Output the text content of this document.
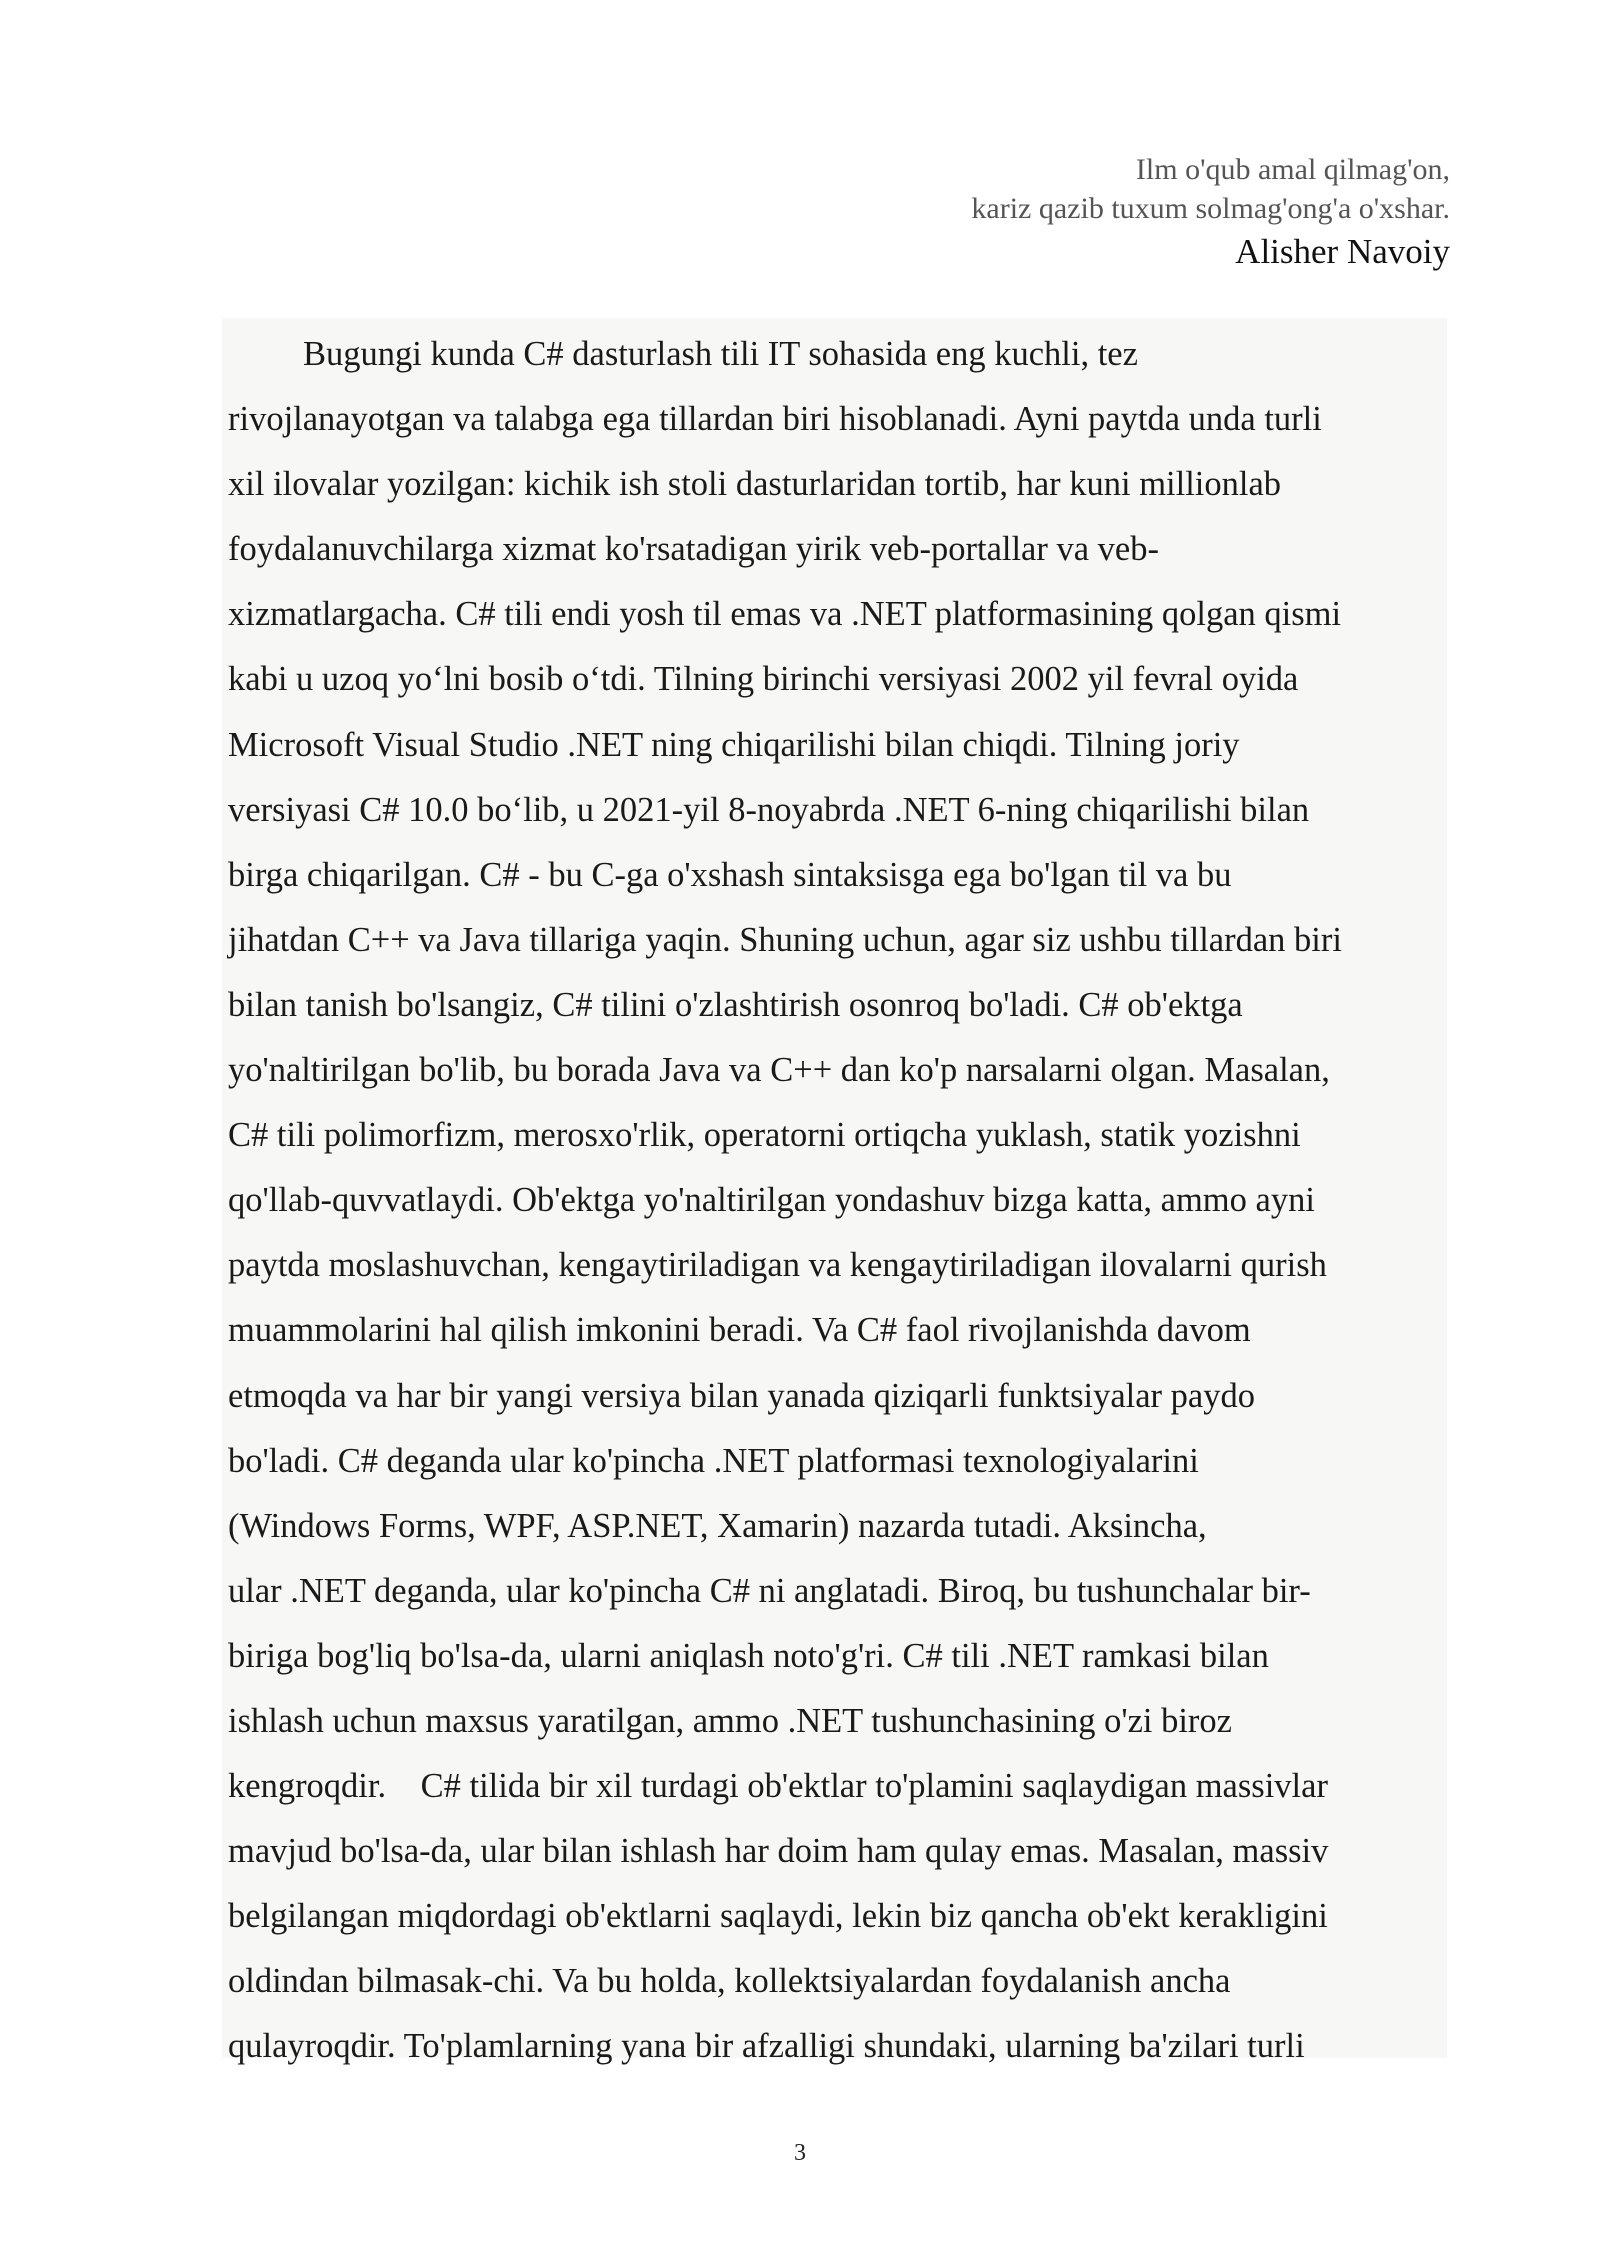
Ilm o'qub amal qilmag'on,
kariz qazib tuxum solmag'ong'a o'xshar.
Alisher Navoiy
Bugungi kunda C# dasturlash tili IT sohasida eng kuchli, tez
rivojlanayotgan va talabga ega tillardan biri hisoblanadi. Ayni paytda unda turli
xil ilovalar yozilgan: kichik ish stoli dasturlaridan tortib, har kuni millionlab
foydalanuvchilarga xizmat ko'rsatadigan yirik veb-portallar va veb-
xizmatlargacha. C# tili endi yosh til emas va .NET platformasining qolgan qismi
kabi u uzoq yo‘lni bosib o‘tdi. Tilning birinchi versiyasi 2002 yil fevral oyida
Microsoft Visual Studio .NET ning chiqarilishi bilan chiqdi. Tilning joriy
versiyasi C# 10.0 bo‘lib, u 2021-yil 8-noyabrda .NET 6-ning chiqarilishi bilan
birga chiqarilgan. C# - bu C-ga o'xshash sintaksisga ega bo'lgan til va bu
jihatdan C++ va Java tillariga yaqin. Shuning uchun, agar siz ushbu tillardan biri
bilan tanish bo'lsangiz, C# tilini o'zlashtirish osonroq bo'ladi. C# ob'ektga
yo'naltirilgan bo'lib, bu borada Java va C++ dan ko'p narsalarni olgan. Masalan,
C# tili polimorfizm, merosxo'rlik, operatorni ortiqcha yuklash, statik yozishni
qo'llab-quvvatlaydi. Ob'ektga yo'naltirilgan yondashuv bizga katta, ammo ayni
paytda moslashuvchan, kengaytiriladigan va kengaytiriladigan ilovalarni qurish
muammolarini hal qilish imkonini beradi. Va C# faol rivojlanishda davom
etmoqda va har bir yangi versiya bilan yanada qiziqarli funktsiyalar paydo
bo'ladi. C# deganda ular ko'pincha .NET platformasi texnologiyalarini
(Windows Forms, WPF, ASP.NET, Xamarin) nazarda tutadi. Aksincha,
ular .NET deganda, ular ko'pincha C# ni anglatadi. Biroq, bu tushunchalar bir-
biriga bog'liq bo'lsa-da, ularni aniqlash noto'g'ri. C# tili .NET ramkasi bilan
ishlash uchun maxsus yaratilgan, ammo .NET tushunchasining o'zi biroz
kengroqdir.    C# tilida bir xil turdagi ob'ektlar to'plamini saqlaydigan massivlar
mavjud bo'lsa-da, ular bilan ishlash har doim ham qulay emas. Masalan, massiv
belgilangan miqdordagi ob'ektlarni saqlaydi, lekin biz qancha ob'ekt kerakligini
oldindan bilmasak-chi. Va bu holda, kollektsiyalardan foydalanish ancha
qulayroqdir. To'plamlarning yana bir afzalligi shundaki, ularning ba'zilari turli
3
